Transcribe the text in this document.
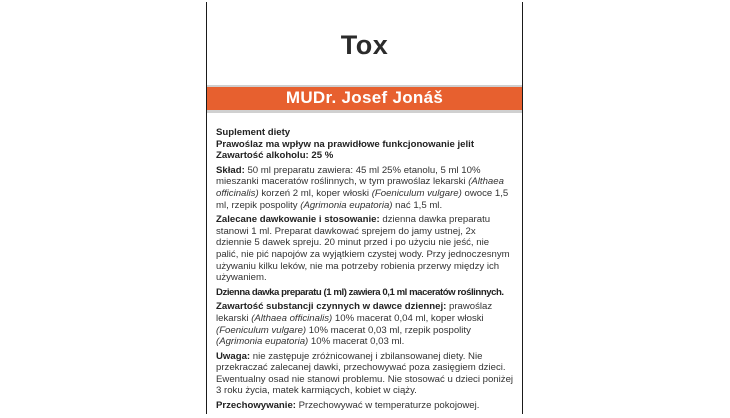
Tox
MUDr. Josef Jonáš

Suplement diety
Prawoślaz ma wpływ na prawidłowe funkcjonowanie jelit
Zawartość alkoholu: 25 %

Skład: 50 ml preparatu zawiera: 45 ml 25% etanolu, 5 ml 10% mieszanki maceratów roślinnych, w tym prawoślaz lekarski (Althaea officinalis) korzeń 2 ml, koper włoski (Foeniculum vulgare) owoce 1,5 ml, rzepik pospolity (Agrimonia eupatoria) nać 1,5 ml.

Zalecane dawkowanie i stosowanie: dzienna dawka preparatu stanowi 1 ml. Preparat dawkować sprejem do jamy ustnej, 2x dziennie 5 dawek spreju. 20 minut przed i po użyciu nie jeść, nie palić, nie pić napojów za wyjątkiem czystej wody. Przy jednoczesnym używaniu kilku leków, nie ma potrzeby robienia przerwy między ich używaniem.

Dzienna dawka preparatu (1 ml) zawiera 0,1 ml maceratów roślinnych.

Zawartość substancji czynnych w dawce dziennej: prawoślaz lekarski (Althaea officinalis) 10% macerat 0,04 ml, koper włoski (Foeniculum vulgare) 10% macerat 0,03 ml, rzepik pospolity (Agrimonia eupatoria) 10% macerat 0,03 ml.

Uwaga: nie zastępuje zróżnicowanej i zbilansowanej diety. Nie przekraczać zalecanej dawki, przechowywać poza zasięgiem dzieci. Ewentualny osad nie stanowi problemu. Nie stosować u dzieci poniżej 3 roku życia, matek karmiących, kobiet w ciąży.

Przechowywanie: Przechowywać w temperaturze pokojowej.
